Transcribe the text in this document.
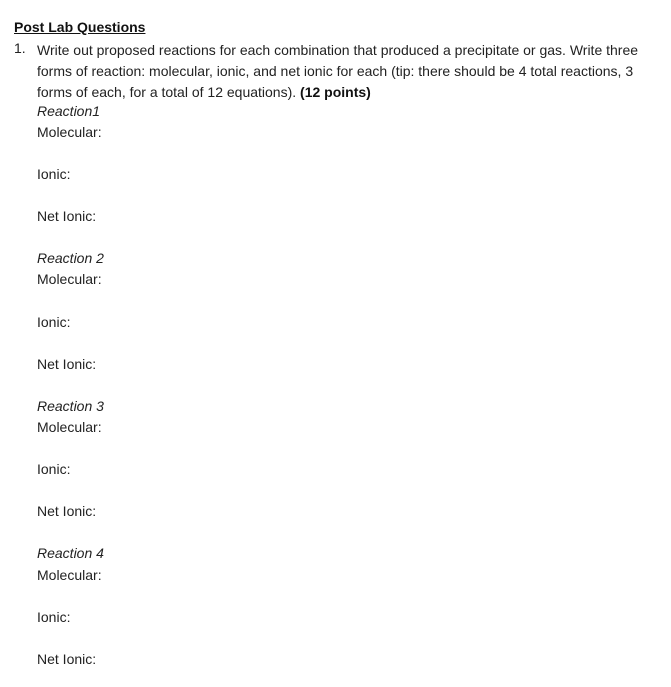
Post Lab Questions
1. Write out proposed reactions for each combination that produced a precipitate or gas. Write three forms of reaction: molecular, ionic, and net ionic for each (tip: there should be 4 total reactions, 3 forms of each, for a total of 12 equations). (12 points)
Reaction1
Molecular:
Ionic:
Net Ionic:
Reaction 2
Molecular:
Ionic:
Net Ionic:
Reaction 3
Molecular:
Ionic:
Net Ionic:
Reaction 4
Molecular:
Ionic:
Net Ionic:
